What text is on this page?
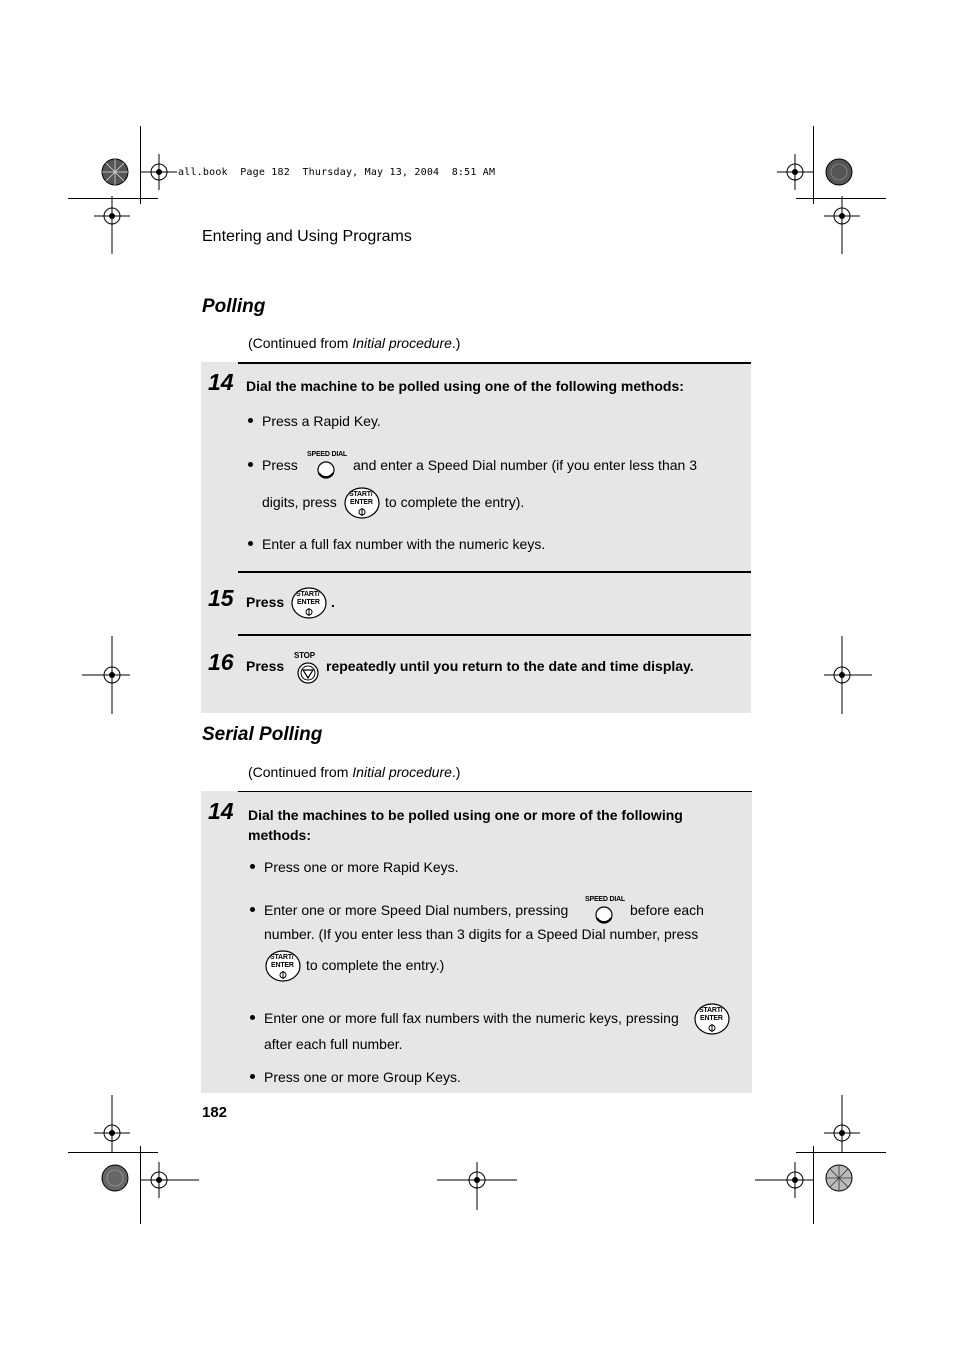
all.book  Page 182  Thursday, May 13, 2004  8:51 AM
Entering and Using Programs
Polling
(Continued from Initial procedure.)
14 Dial the machine to be polled using one of the following methods:
Press a Rapid Key.
Press
SPEED DIAL
and enter a Speed Dial number (if you enter less than 3
digits, press START/
ENTER to complete the entry).
Enter a full fax number with the numeric keys.
15 Press START/
ENTER .
16 Press
STOP
repeatedly until you return to the date and time display.
Serial Polling
(Continued from Initial procedure.)
14 Dial the machines to be polled using one or more of the following
methods:
Press one or more Rapid Keys.
Enter one or more Speed Dial numbers, pressing
SPEED DIAL
before each
number. (If you enter less than 3 digits for a Speed Dial number, press
START/
ENTER to complete the entry.)
Enter one or more full fax numbers with the numeric keys, pressing	START/
ENTER
after each full number.
Press one or more Group Keys.
182
